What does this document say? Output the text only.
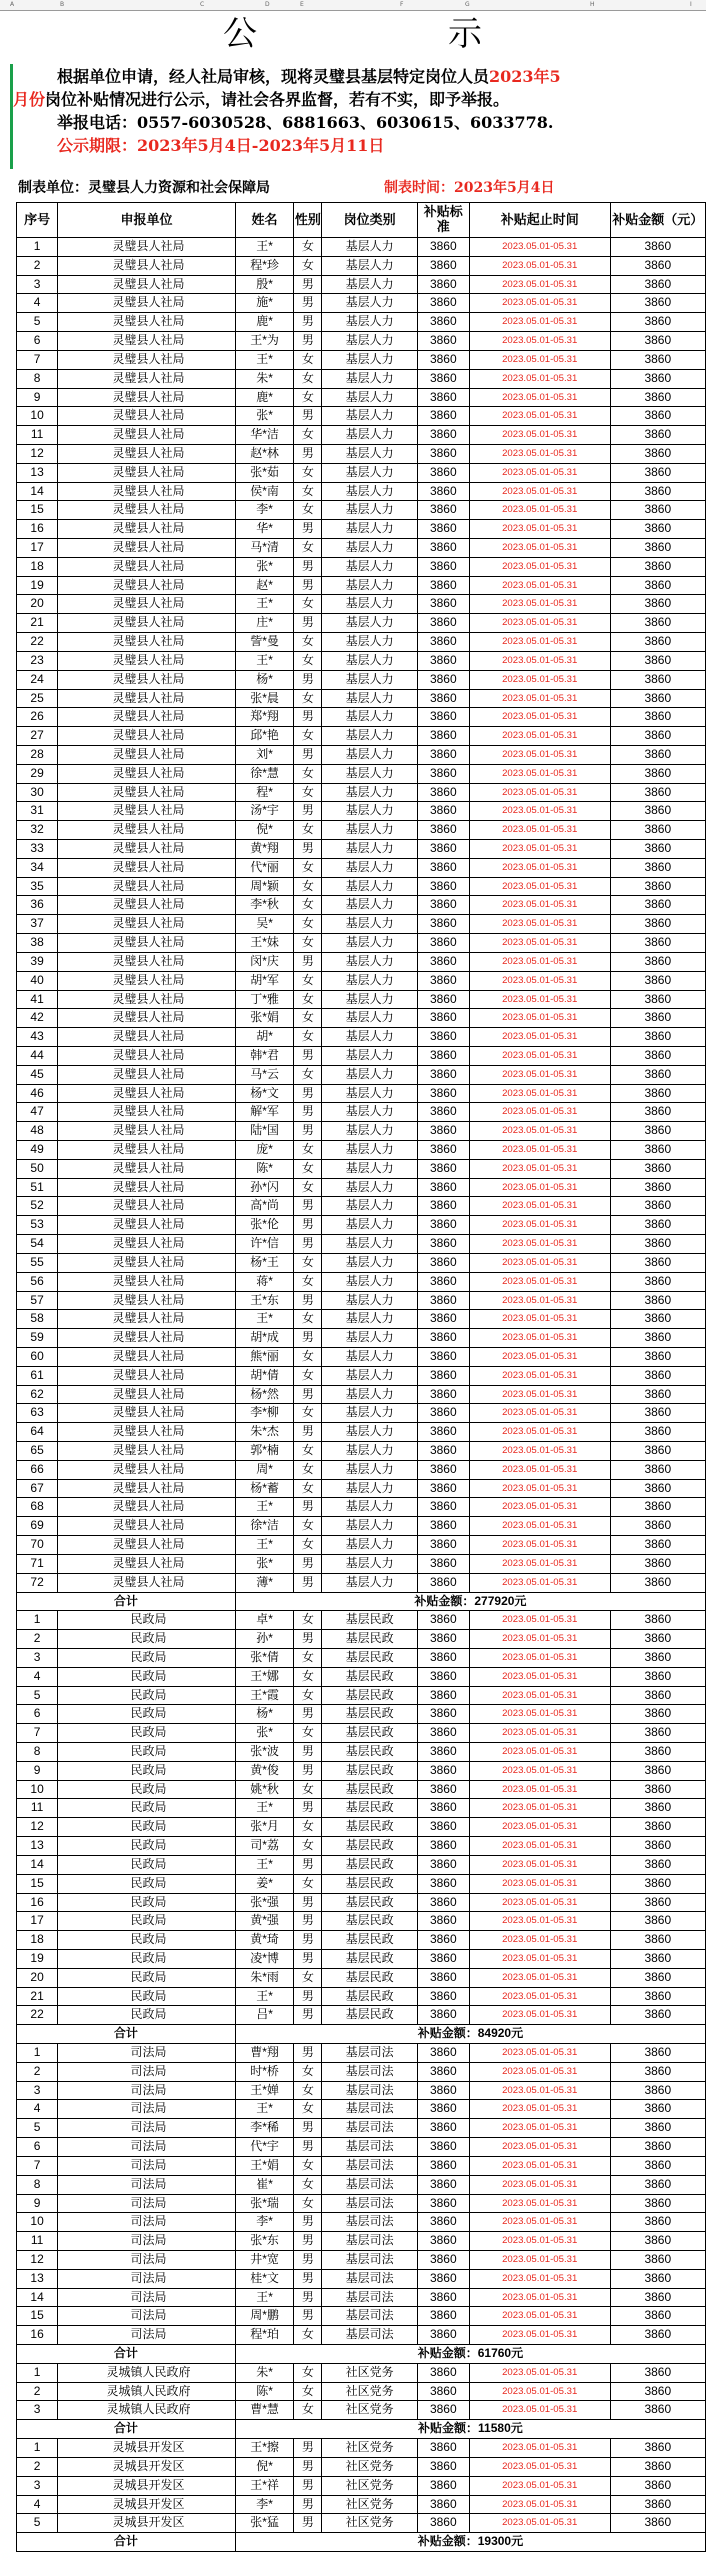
A	B	C	D	E	F	G	H	I
公	示
根据单位申请，经人社局审核，现将灵璧县基层特定岗位人员2023年5
月份岗位补贴情况进行公示，请社会各界监督，若有不实，即予举报。
举报电话：0557-6030528、6881663、6030615、6033778.
公示期限：2023年5月4日-2023年5月11日
制表单位：灵璧县人力资源和社会保障局	制表时间：2023年5月4日
序号	申报单位	姓名	性别	岗位类别	补贴标准	补贴起止时间	补贴金额（元）
1	灵璧县人社局	王*	女	基层人力	3860	2023.05.01-05.31	3860
2	灵璧县人社局	程*珍	女	基层人力	3860	2023.05.01-05.31	3860
3	灵璧县人社局	殷*	男	基层人力	3860	2023.05.01-05.31	3860
4	灵璧县人社局	施*	男	基层人力	3860	2023.05.01-05.31	3860
5	灵璧县人社局	鹿*	男	基层人力	3860	2023.05.01-05.31	3860
6	灵璧县人社局	王*为	男	基层人力	3860	2023.05.01-05.31	3860
7	灵璧县人社局	王*	女	基层人力	3860	2023.05.01-05.31	3860
8	灵璧县人社局	朱*	女	基层人力	3860	2023.05.01-05.31	3860
9	灵璧县人社局	鹿*	女	基层人力	3860	2023.05.01-05.31	3860
10	灵璧县人社局	张*	男	基层人力	3860	2023.05.01-05.31	3860
11	灵璧县人社局	华*洁	女	基层人力	3860	2023.05.01-05.31	3860
12	灵璧县人社局	赵*林	男	基层人力	3860	2023.05.01-05.31	3860
13	灵璧县人社局	张*茹	女	基层人力	3860	2023.05.01-05.31	3860
14	灵璧县人社局	侯*南	女	基层人力	3860	2023.05.01-05.31	3860
15	灵璧县人社局	李*	女	基层人力	3860	2023.05.01-05.31	3860
16	灵璧县人社局	华*	男	基层人力	3860	2023.05.01-05.31	3860
17	灵璧县人社局	马*清	女	基层人力	3860	2023.05.01-05.31	3860
18	灵璧县人社局	张*	男	基层人力	3860	2023.05.01-05.31	3860
19	灵璧县人社局	赵*	男	基层人力	3860	2023.05.01-05.31	3860
20	灵璧县人社局	王*	女	基层人力	3860	2023.05.01-05.31	3860
21	灵璧县人社局	庄*	男	基层人力	3860	2023.05.01-05.31	3860
22	灵璧县人社局	訾*曼	女	基层人力	3860	2023.05.01-05.31	3860
23	灵璧县人社局	王*	女	基层人力	3860	2023.05.01-05.31	3860
24	灵璧县人社局	杨*	男	基层人力	3860	2023.05.01-05.31	3860
25	灵璧县人社局	张*晨	女	基层人力	3860	2023.05.01-05.31	3860
26	灵璧县人社局	郑*翔	男	基层人力	3860	2023.05.01-05.31	3860
27	灵璧县人社局	邱*艳	女	基层人力	3860	2023.05.01-05.31	3860
28	灵璧县人社局	刘*	男	基层人力	3860	2023.05.01-05.31	3860
29	灵璧县人社局	徐*慧	女	基层人力	3860	2023.05.01-05.31	3860
30	灵璧县人社局	程*	女	基层人力	3860	2023.05.01-05.31	3860
31	灵璧县人社局	汤*宇	男	基层人力	3860	2023.05.01-05.31	3860
32	灵璧县人社局	倪*	女	基层人力	3860	2023.05.01-05.31	3860
33	灵璧县人社局	黄*翔	男	基层人力	3860	2023.05.01-05.31	3860
34	灵璧县人社局	代*丽	女	基层人力	3860	2023.05.01-05.31	3860
35	灵璧县人社局	周*颖	女	基层人力	3860	2023.05.01-05.31	3860
36	灵璧县人社局	李*秋	女	基层人力	3860	2023.05.01-05.31	3860
37	灵璧县人社局	吴*	女	基层人力	3860	2023.05.01-05.31	3860
38	灵璧县人社局	王*妹	女	基层人力	3860	2023.05.01-05.31	3860
39	灵璧县人社局	闵*庆	男	基层人力	3860	2023.05.01-05.31	3860
40	灵璧县人社局	胡*军	女	基层人力	3860	2023.05.01-05.31	3860
41	灵璧县人社局	丁*雅	女	基层人力	3860	2023.05.01-05.31	3860
42	灵璧县人社局	张*娟	女	基层人力	3860	2023.05.01-05.31	3860
43	灵璧县人社局	胡*	女	基层人力	3860	2023.05.01-05.31	3860
44	灵璧县人社局	韩*君	男	基层人力	3860	2023.05.01-05.31	3860
45	灵璧县人社局	马*云	女	基层人力	3860	2023.05.01-05.31	3860
46	灵璧县人社局	杨*文	男	基层人力	3860	2023.05.01-05.31	3860
47	灵璧县人社局	解*军	男	基层人力	3860	2023.05.01-05.31	3860
48	灵璧县人社局	陆*国	男	基层人力	3860	2023.05.01-05.31	3860
49	灵璧县人社局	庞*	女	基层人力	3860	2023.05.01-05.31	3860
50	灵璧县人社局	陈*	女	基层人力	3860	2023.05.01-05.31	3860
51	灵璧县人社局	孙*闪	女	基层人力	3860	2023.05.01-05.31	3860
52	灵璧县人社局	高*尚	男	基层人力	3860	2023.05.01-05.31	3860
53	灵璧县人社局	张*伦	男	基层人力	3860	2023.05.01-05.31	3860
54	灵璧县人社局	许*信	男	基层人力	3860	2023.05.01-05.31	3860
55	灵璧县人社局	杨*王	女	基层人力	3860	2023.05.01-05.31	3860
56	灵璧县人社局	蒋*	女	基层人力	3860	2023.05.01-05.31	3860
57	灵璧县人社局	王*东	男	基层人力	3860	2023.05.01-05.31	3860
58	灵璧县人社局	王*	女	基层人力	3860	2023.05.01-05.31	3860
59	灵璧县人社局	胡*成	男	基层人力	3860	2023.05.01-05.31	3860
60	灵璧县人社局	熊*丽	女	基层人力	3860	2023.05.01-05.31	3860
61	灵璧县人社局	胡*倩	女	基层人力	3860	2023.05.01-05.31	3860
62	灵璧县人社局	杨*然	男	基层人力	3860	2023.05.01-05.31	3860
63	灵璧县人社局	李*柳	女	基层人力	3860	2023.05.01-05.31	3860
64	灵璧县人社局	朱*杰	男	基层人力	3860	2023.05.01-05.31	3860
65	灵璧县人社局	郭*楠	女	基层人力	3860	2023.05.01-05.31	3860
66	灵璧县人社局	周*	女	基层人力	3860	2023.05.01-05.31	3860
67	灵璧县人社局	杨*蓄	女	基层人力	3860	2023.05.01-05.31	3860
68	灵璧县人社局	王*	男	基层人力	3860	2023.05.01-05.31	3860
69	灵璧县人社局	徐*洁	女	基层人力	3860	2023.05.01-05.31	3860
70	灵璧县人社局	王*	女	基层人力	3860	2023.05.01-05.31	3860
71	灵璧县人社局	张*	男	基层人力	3860	2023.05.01-05.31	3860
72	灵璧县人社局	薄*	男	基层人力	3860	2023.05.01-05.31	3860
合计		补贴金额：277920元					
1	民政局	卓*	女	基层民政	3860	2023.05.01-05.31	3860
2	民政局	孙*	男	基层民政	3860	2023.05.01-05.31	3860
3	民政局	张*倩	女	基层民政	3860	2023.05.01-05.31	3860
4	民政局	王*娜	女	基层民政	3860	2023.05.01-05.31	3860
5	民政局	王*霞	女	基层民政	3860	2023.05.01-05.31	3860
6	民政局	杨*	男	基层民政	3860	2023.05.01-05.31	3860
7	民政局	张*	女	基层民政	3860	2023.05.01-05.31	3860
8	民政局	张*波	男	基层民政	3860	2023.05.01-05.31	3860
9	民政局	黄*俊	男	基层民政	3860	2023.05.01-05.31	3860
10	民政局	姚*秋	女	基层民政	3860	2023.05.01-05.31	3860
11	民政局	王*	男	基层民政	3860	2023.05.01-05.31	3860
12	民政局	张*月	女	基层民政	3860	2023.05.01-05.31	3860
13	民政局	司*荔	女	基层民政	3860	2023.05.01-05.31	3860
14	民政局	王*	男	基层民政	3860	2023.05.01-05.31	3860
15	民政局	姜*	女	基层民政	3860	2023.05.01-05.31	3860
16	民政局	张*强	男	基层民政	3860	2023.05.01-05.31	3860
17	民政局	黄*强	男	基层民政	3860	2023.05.01-05.31	3860
18	民政局	黄*琦	男	基层民政	3860	2023.05.01-05.31	3860
19	民政局	凌*博	男	基层民政	3860	2023.05.01-05.31	3860
20	民政局	朱*雨	女	基层民政	3860	2023.05.01-05.31	3860
21	民政局	王*	男	基层民政	3860	2023.05.01-05.31	3860
22	民政局	吕*	男	基层民政	3860	2023.05.01-05.31	3860
合计		补贴金额：84920元					
1	司法局	曹*翔	男	基层司法	3860	2023.05.01-05.31	3860
2	司法局	时*桥	女	基层司法	3860	2023.05.01-05.31	3860
3	司法局	王*婵	女	基层司法	3860	2023.05.01-05.31	3860
4	司法局	王*	女	基层司法	3860	2023.05.01-05.31	3860
5	司法局	李*稀	男	基层司法	3860	2023.05.01-05.31	3860
6	司法局	代*宇	男	基层司法	3860	2023.05.01-05.31	3860
7	司法局	王*娟	女	基层司法	3860	2023.05.01-05.31	3860
8	司法局	崔*	女	基层司法	3860	2023.05.01-05.31	3860
9	司法局	张*瑞	女	基层司法	3860	2023.05.01-05.31	3860
10	司法局	李*	男	基层司法	3860	2023.05.01-05.31	3860
11	司法局	张*东	男	基层司法	3860	2023.05.01-05.31	3860
12	司法局	井*宽	男	基层司法	3860	2023.05.01-05.31	3860
13	司法局	桂*文	男	基层司法	3860	2023.05.01-05.31	3860
14	司法局	王*	男	基层司法	3860	2023.05.01-05.31	3860
15	司法局	周*鹏	男	基层司法	3860	2023.05.01-05.31	3860
16	司法局	程*珀	女	基层司法	3860	2023.05.01-05.31	3860
合计		补贴金额：61760元					
1	灵城镇人民政府	朱*	女	社区党务	3860	2023.05.01-05.31	3860
2	灵城镇人民政府	陈*	女	社区党务	3860	2023.05.01-05.31	3860
3	灵城镇人民政府	曹*慧	女	社区党务	3860	2023.05.01-05.31	3860
合计		补贴金额：11580元					
1	灵城县开发区	王*擦	男	社区党务	3860	2023.05.01-05.31	3860
2	灵城县开发区	倪*	男	社区党务	3860	2023.05.01-05.31	3860
3	灵城县开发区	王*祥	男	社区党务	3860	2023.05.01-05.31	3860
4	灵城县开发区	李*	男	社区党务	3860	2023.05.01-05.31	3860
5	灵城县开发区	张*猛	男	社区党务	3860	2023.05.01-05.31	3860
合计		补贴金额：19300元					
